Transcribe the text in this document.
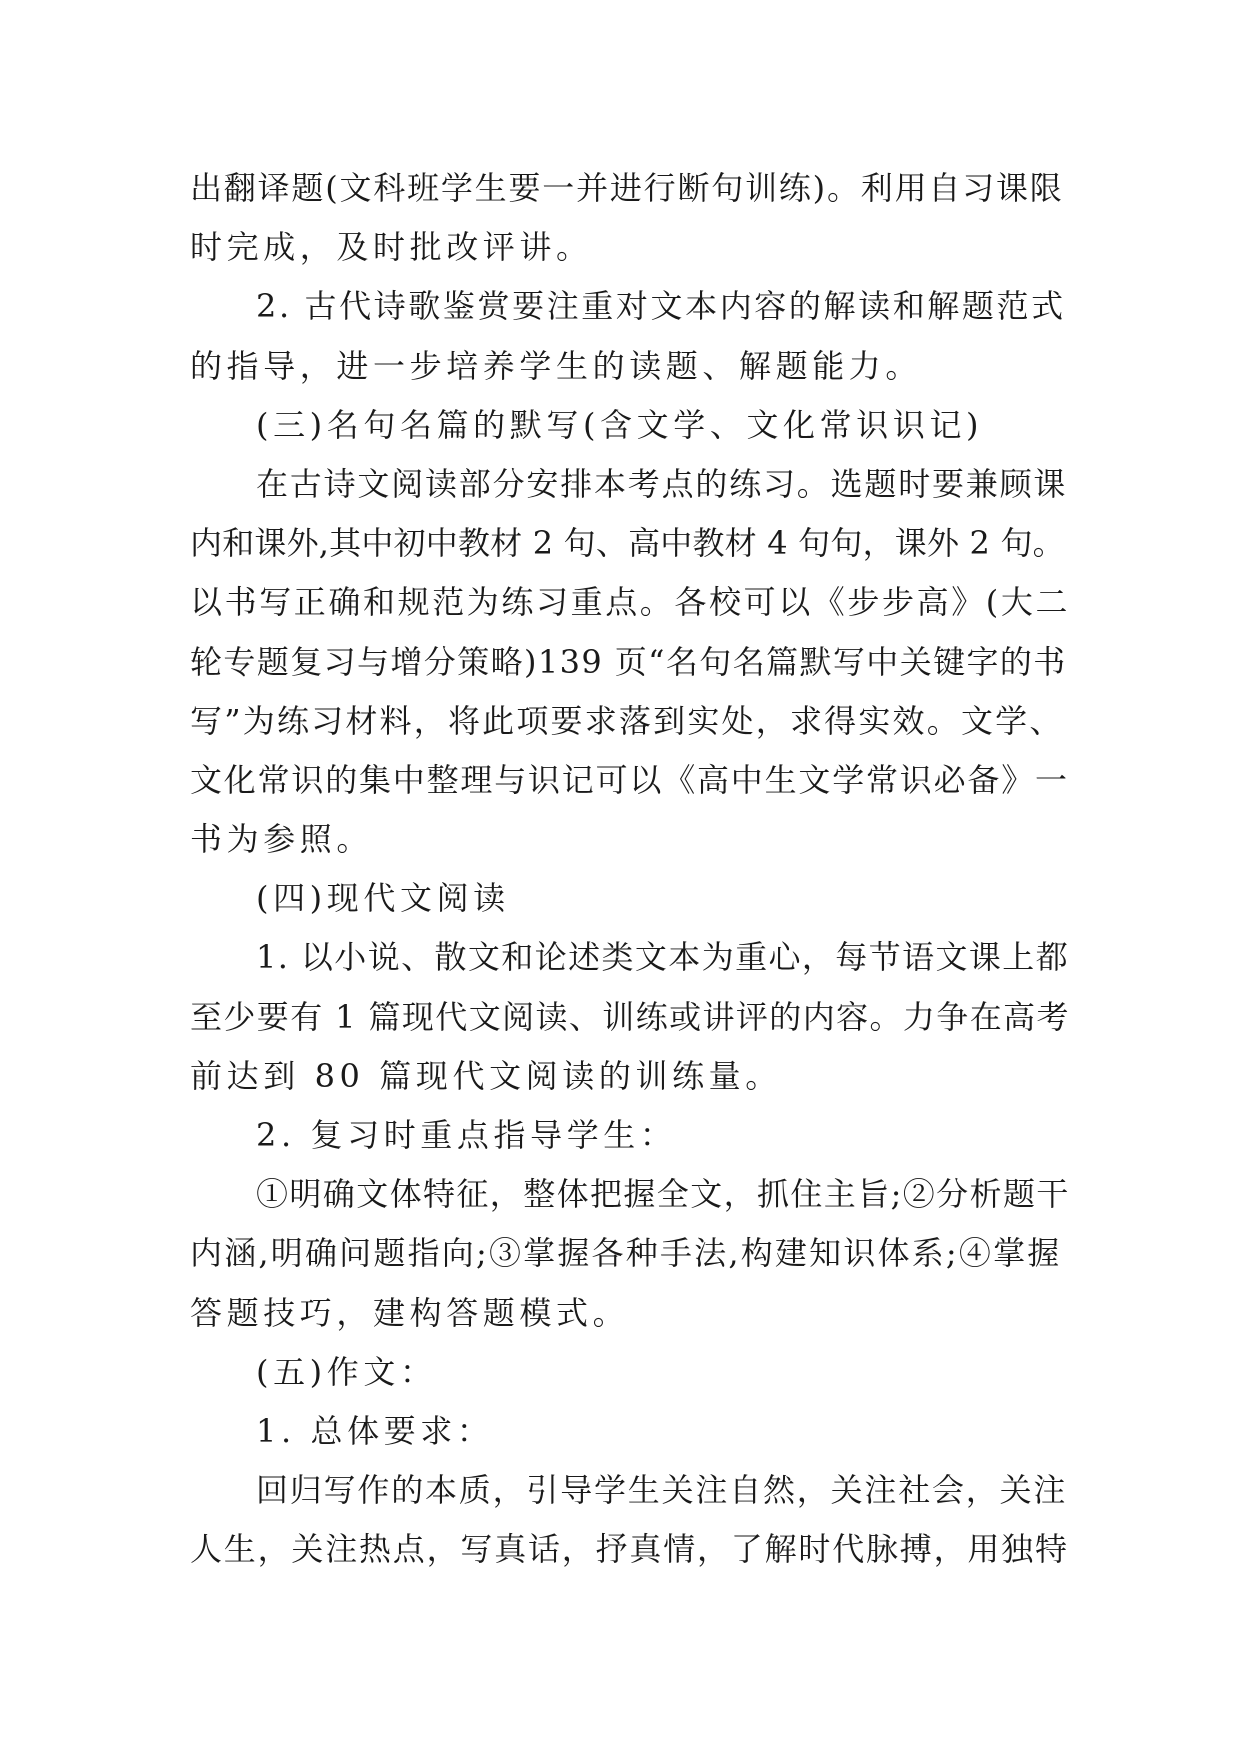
出翻译题(文科班学生要一并进行断句训练)。利用自习课限
时完成，及时批改评讲。
2. 古代诗歌鉴赏要注重对文本内容的解读和解题范式
的指导，进一步培养学生的读题、解题能力。
(三)名句名篇的默写(含文学、文化常识识记)
在古诗文阅读部分安排本考点的练习。选题时要兼顾课
内和课外,其中初中教材 2 句、高中教材 4 句句，课外 2 句。
以书写正确和规范为练习重点。各校可以《步步高》(大二
轮专题复习与增分策略)139 页“名句名篇默写中关键字的书
写”为练习材料，将此项要求落到实处，求得实效。文学、
文化常识的集中整理与识记可以《高中生文学常识必备》一
书为参照。
(四)现代文阅读
1. 以小说、散文和论述类文本为重心，每节语文课上都
至少要有 1 篇现代文阅读、训练或讲评的内容。力争在高考
前达到 80 篇现代文阅读的训练量。
2. 复习时重点指导学生：
①明确文体特征，整体把握全文，抓住主旨;②分析题干
内涵,明确问题指向;③掌握各种手法,构建知识体系;④掌握
答题技巧，建构答题模式。
(五)作文：
1. 总体要求：
回归写作的本质，引导学生关注自然，关注社会，关注
人生，关注热点，写真话，抒真情，了解时代脉搏，用独特
